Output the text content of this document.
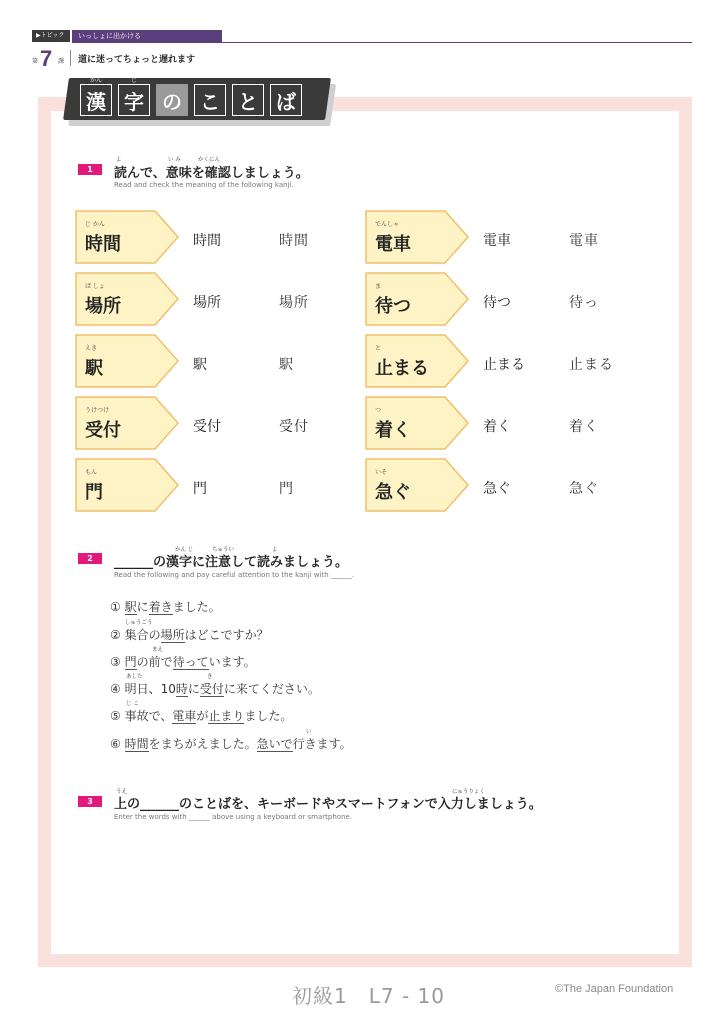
▶トピック	いっしょに出かける
第 7 課 道に迷ってちょっと遅れます
かん
漢
じ
字 の こ と ば
1
よ	い み	かくにん
読んで、意味を確認しましょう。
Read and check the meaning of the following kanji.
じ かん
時間	時間	時間
ば しょ
場所	場所	場所
えき
駅	駅	駅
うけつけ
受付	受付	受付
もん
門	門	門
でんしゃ
電車	電車	電車
ま
待つ	待つ	待っ
と
止まる	止まる	止まる
つ
着く	着く	着く
いそ
急ぐ	急ぐ	急ぐ
2
かん じ	ちゅうい	よ
______の漢字に注意して読みましょう。
Read the following and pay careful attention to the kanji with ______.
① 駅に着きました。
② 集合の場所はどこですか？
③ 門の前で待っています。
④ 明日、10時に受付に来てください。
⑤ 事故で、電車が止まりました。
⑥ 時間をまちがえました。急いで行きます。
しゅうごう
まえ
あした	き
じ こ
い
3
うえ	にゅうりょく
上の______のことばを、キーボードやスマートフォンで入力しましょう。
Enter the words with ______ above using a keyboard or smartphone.
初級1　L7 - 10	©The Japan Foundation
